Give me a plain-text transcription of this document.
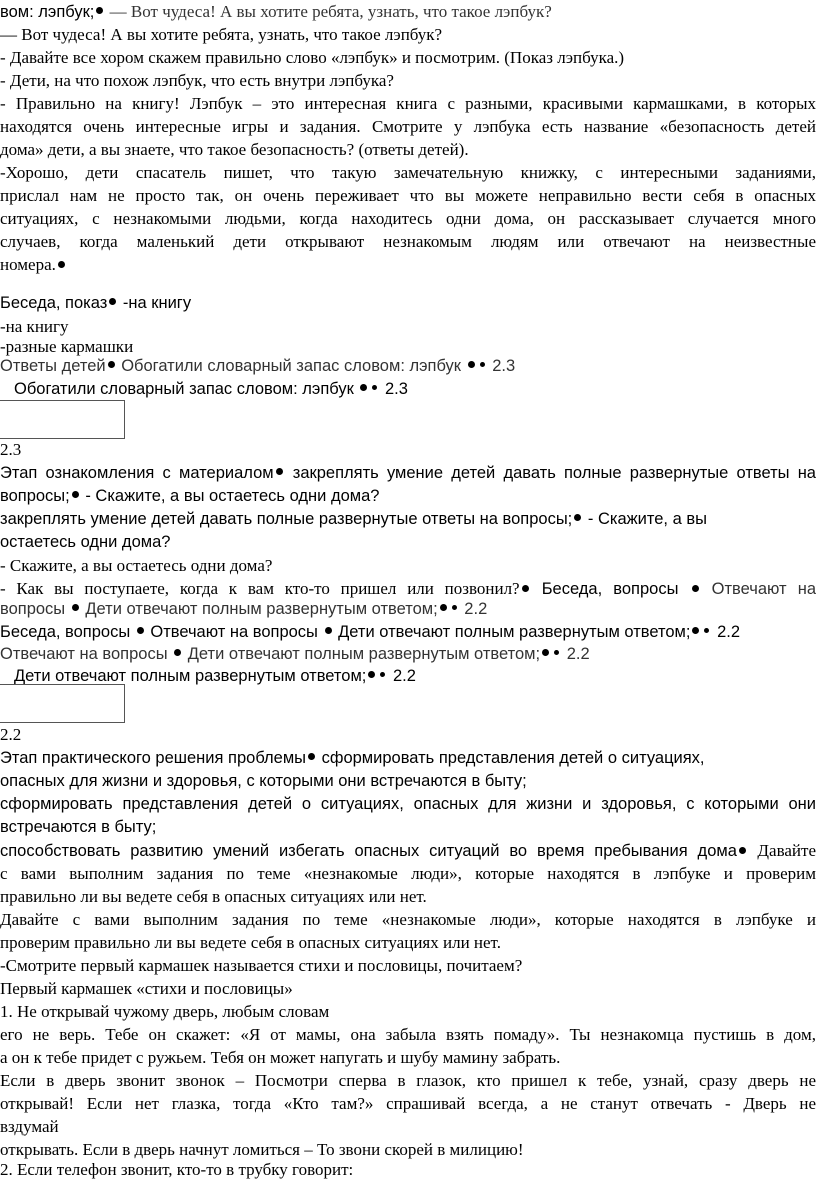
вом: лэпбук; — Вот чудеса! А вы хотите ребята, узнать, что такое лэпбук?
— Вот чудеса! А вы хотите ребята, узнать, что такое лэпбук?
- Давайте все хором скажем правильно слово «лэпбук» и посмотрим. (Показ лэпбука.)
- Дети, на что похож лэпбук, что есть внутри лэпбука?
- Правильно на книгу! Лэпбук – это интересная книга с разными, красивыми кармашками, в которых
находятся очень интересные игры и задания. Смотрите у лэпбука есть название «безопасность детей
дома» дети, а вы знаете, что такое безопасность? (ответы детей).
-Хорошо, дети спасатель пишет, что такую замечательную книжку, с интересными заданиями,
прислал нам не просто так, он очень переживает что вы можете неправильно вести себя в опасных
ситуациях, с незнакомыми людьми, когда находитесь одни дома, он рассказывает случается много
случаев, когда маленький дети открывают незнакомым людям или отвечают на неизвестные
номера.
Беседа, показ -на книгу
-на книгу
-разные кармашки
Ответы детей Обогатили словарный запас словом: лэпбук  2.3
Обогатили словарный запас словом: лэпбук  2.3
2.3
Этап ознакомления с материалом закреплять умение детей давать полные развернутые ответы на
вопросы; - Скажите, а вы остаетесь одни дома?
закреплять умение детей давать полные развернутые ответы на вопросы; - Скажите, а вы
остаетесь одни дома?
- Скажите, а вы остаетесь одни дома?
- Как вы поступаете, когда к вам кто-то пришел или позвонил? Беседа, вопросы  Отвечают на
вопросы  Дети отвечают полным развернутым ответом; 2.2
Беседа, вопросы  Отвечают на вопросы  Дети отвечают полным развернутым ответом; 2.2
Отвечают на вопросы  Дети отвечают полным развернутым ответом; 2.2
Дети отвечают полным развернутым ответом; 2.2
2.2
Этап практического решения проблемы сформировать представления детей о ситуациях,
опасных для жизни и здоровья, с которыми они встречаются в быту;
сформировать представления детей о ситуациях, опасных для жизни и здоровья, с которыми они
встречаются в быту;
способствовать развитию умений избегать опасных ситуаций во время пребывания дома Давайте
с вами выполним задания по теме «незнакомые люди», которые находятся в лэпбуке и проверим
правильно ли вы ведете себя в опасных ситуациях или нет.
Давайте с вами выполним задания по теме «незнакомые люди», которые находятся в лэпбуке и
проверим правильно ли вы ведете себя в опасных ситуациях или нет.
-Смотрите первый кармашек называется стихи и пословицы, почитаем?
Первый кармашек «стихи и пословицы»
1. Не открывай чужому дверь, любым словам
его не верь. Тебе он скажет: «Я от мамы, она забыла взять помаду». Ты незнакомца пустишь в дом,
а он к тебе придет с ружьем. Тебя он может напугать и шубу мамину забрать.
Если в дверь звонит звонок – Посмотри сперва в глазок, кто пришел к тебе, узнай, сразу дверь не
открывай! Если нет глазка, тогда «Кто там?» спрашивай всегда, а не станут отвечать - Дверь не
вздумай
открывать. Если в дверь начнут ломиться – То звони скорей в милицию!
2. Если телефон звонит, кто-то в трубку говорит:
